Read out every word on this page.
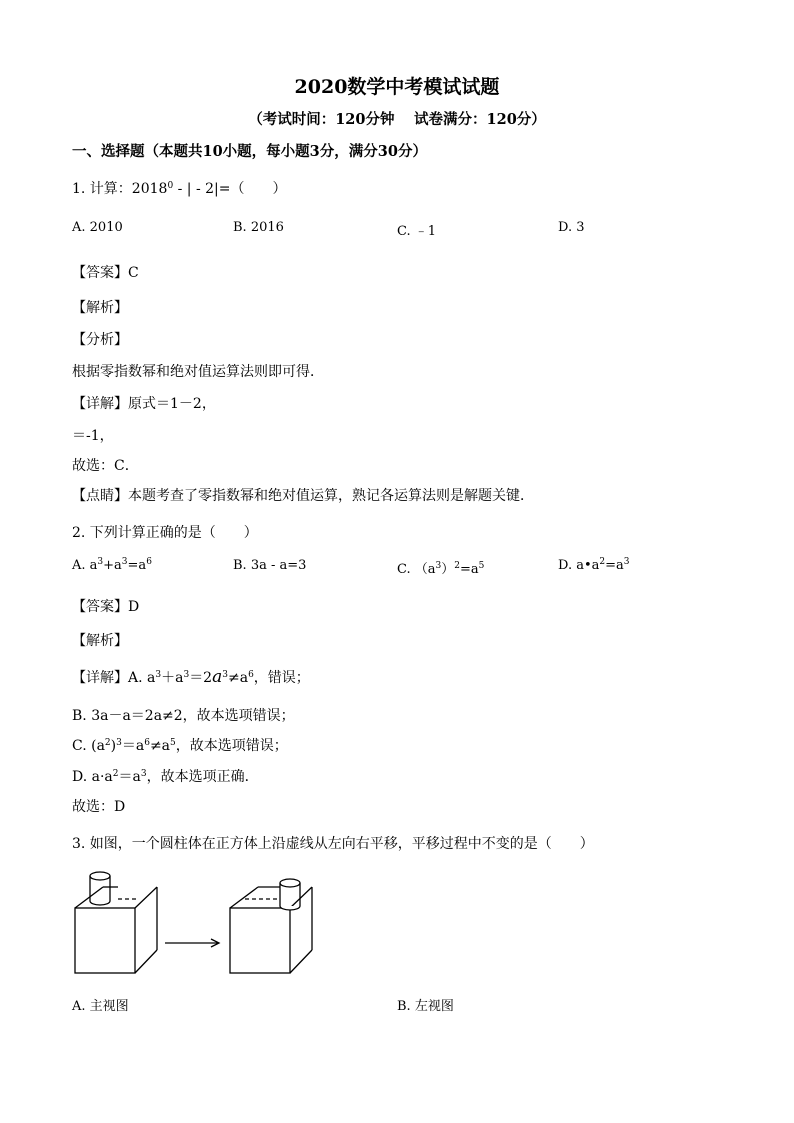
2020数学中考模试试题
（考试时间：120分钟　 试卷满分：120分）
一、选择题（本题共10小题，每小题3分，满分30分）
1. 计算：2018$^0$ - | - 2|=（　　）
A. 2010	B. 2016	C. ﹣1	D. 3
【答案】C
【解析】
【分析】
根据零指数幂和绝对值运算法则即可得．
【详解】原式＝1－2，
＝-1，
故选：C．
【点睛】本题考查了零指数幂和绝对值运算，熟记各运算法则是解题关键．
2. 下列计算正确的是（　　）
A. $a^3+a^3=a^6$	B. 3a - a=3	C. $(a^3)^2=a^5$	D. $a•a^2=a^3$
【答案】D
【解析】
【详解】A. $a^3+a^3=2a^3\ne a^6$，错误；
B. 3a－a＝2a≠2，故本选项错误；
C. $(a^2)^3=a^6\ne a^5$，故本选项错误；
D. $a\cdot a^2=a^3$，故本选项正确．
故选：D
3. 如图，一个圆柱体在正方体上沿虚线从左向右平移，平移过程中不变的是（　　）
A. 主视图	B. 左视图
